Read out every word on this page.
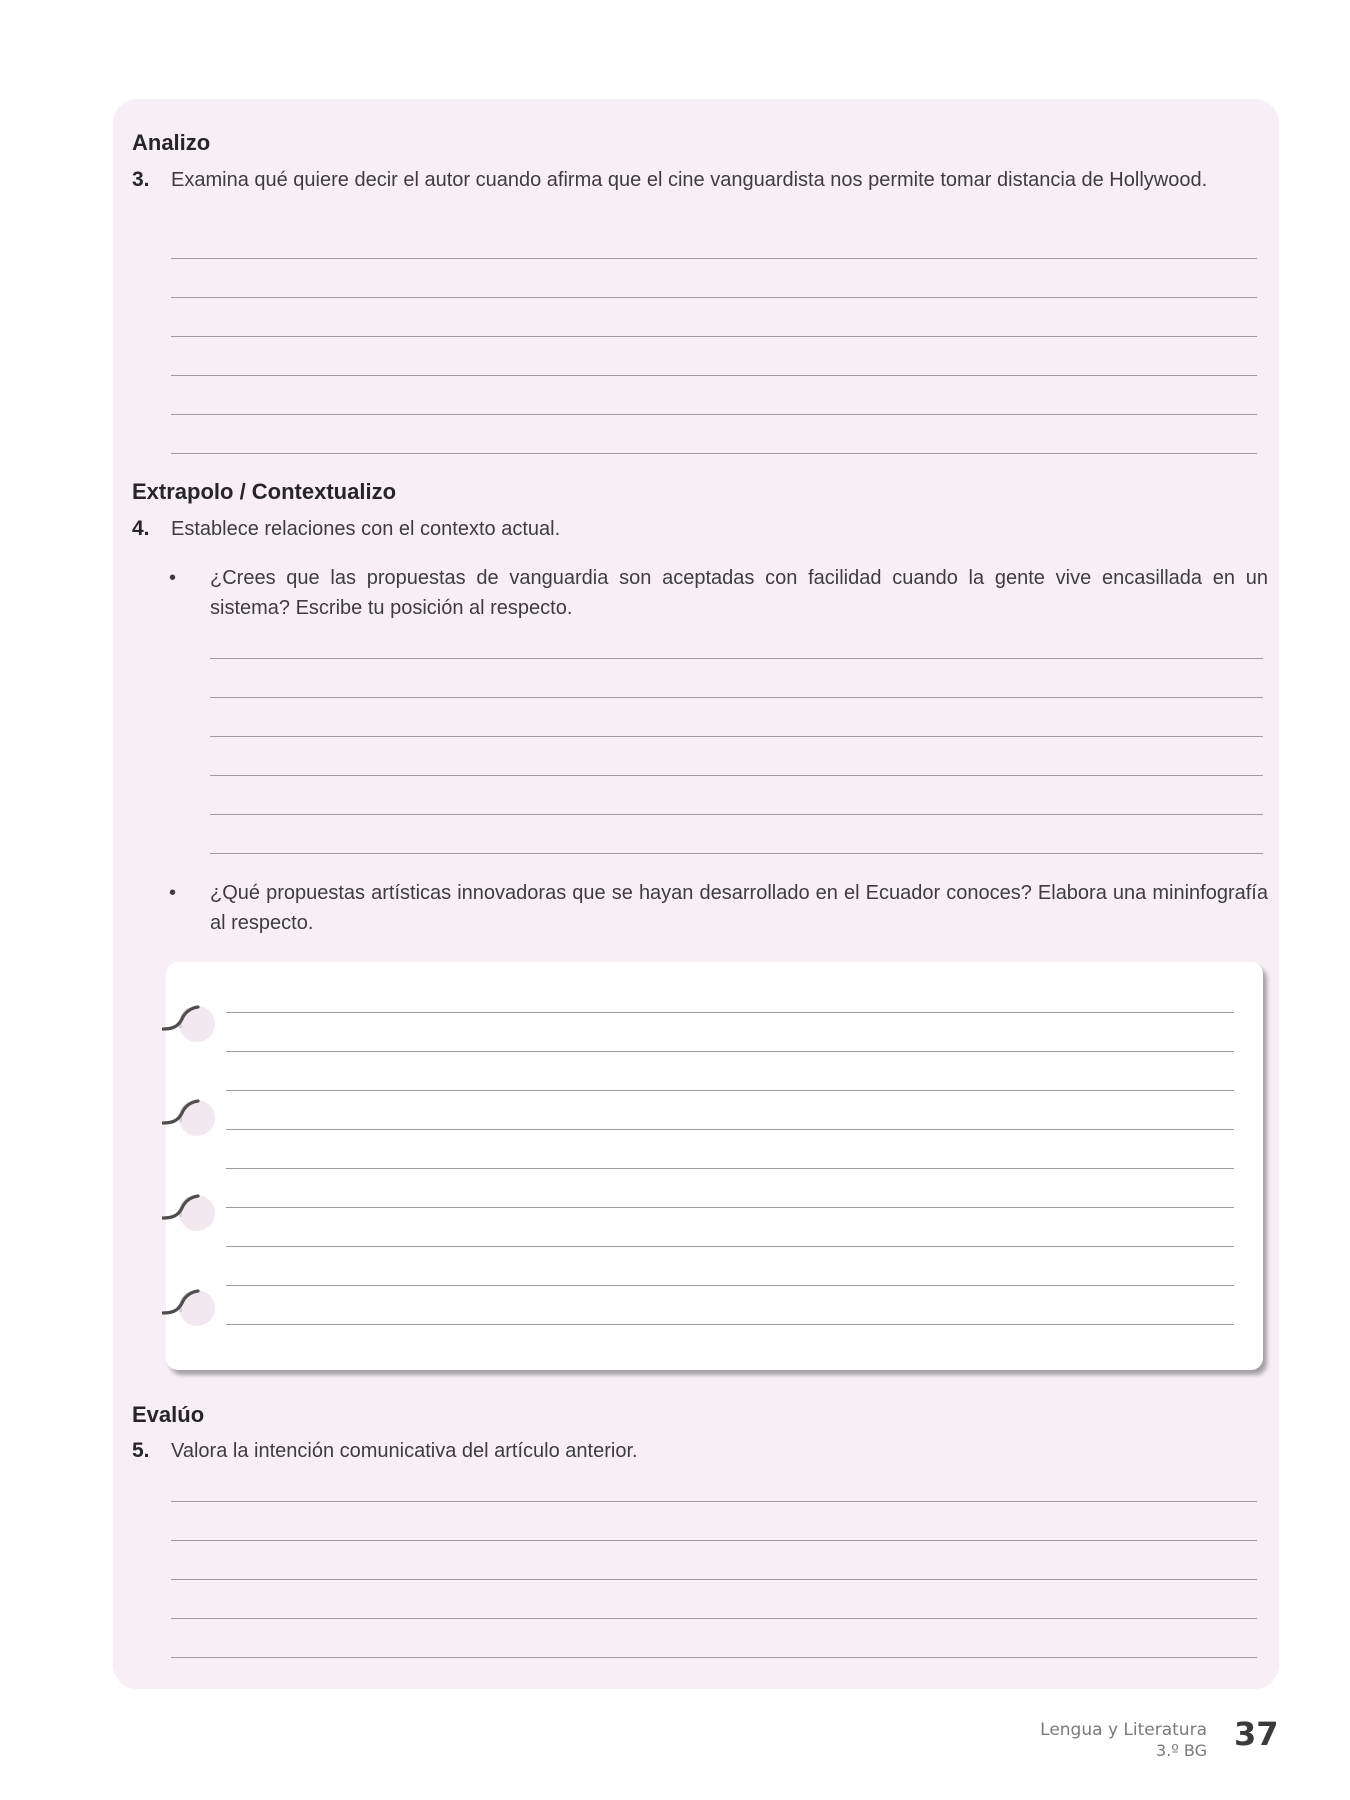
Analizo
3. Examina qué quiere decir el autor cuando afirma que el cine vanguardista nos permite tomar distancia de Hollywood.
Extrapolo / Contextualizo
4. Establece relaciones con el contexto actual.
• ¿Crees que las propuestas de vanguardia son aceptadas con facilidad cuando la gente vive encasillada en un sistema? Escribe tu posición al respecto.
• ¿Qué propuestas artísticas innovadoras que se hayan desarrollado en el Ecuador conoces? Elabora una mininfografía al respecto.
Evalúo
5. Valora la intención comunicativa del artículo anterior.
Lengua y Literatura
3.º BG 37
